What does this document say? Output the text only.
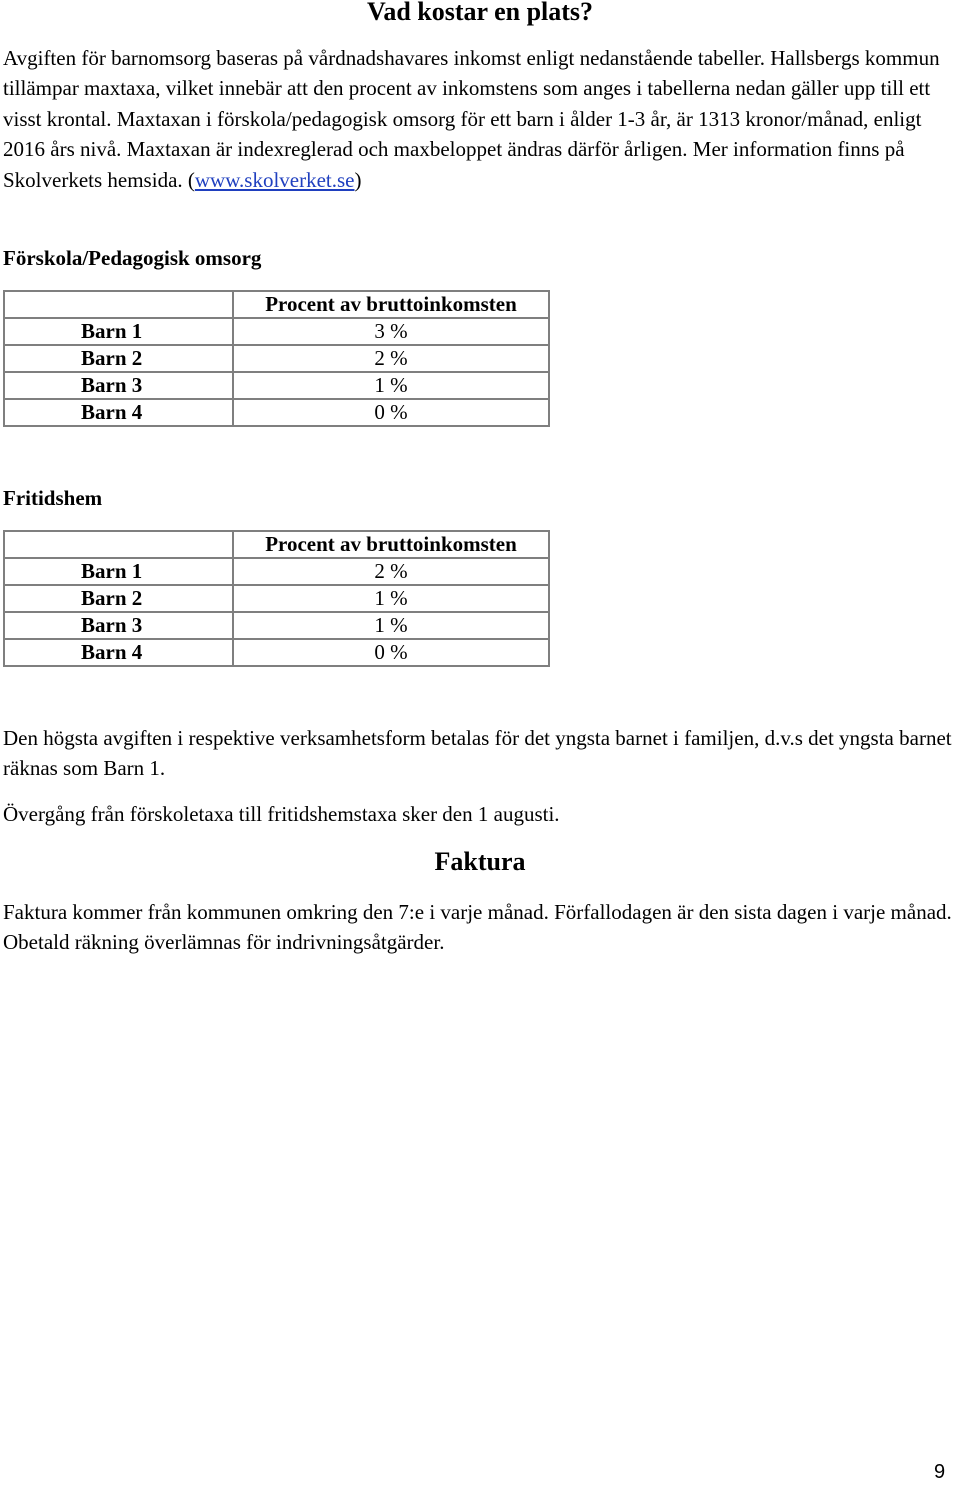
Vad kostar en plats?

Avgiften för barnomsorg baseras på vårdnadshavares inkomst enligt nedanstående tabeller. Hallsbergs kommun tillämpar maxtaxa, vilket innebär att den procent av inkomstens som anges i tabellerna nedan gäller upp till ett visst krontal. Maxtaxan i förskola/pedagogisk omsorg för ett barn i ålder 1-3 år, är 1313 kronor/månad, enligt 2016 års nivå. Maxtaxan är indexreglerad och maxbeloppet ändras därför årligen. Mer information finns på Skolverkets hemsida. (www.skolverket.se)

Förskola/Pedagogisk omsorg
	Procent av bruttoinkomsten
Barn 1	3 %
Barn 2	2 %
Barn 3	1 %
Barn 4	0 %
Fritidshem
	Procent av bruttoinkomsten
Barn 1	2 %
Barn 2	1 %
Barn 3	1 %
Barn 4	0 %

Den högsta avgiften i respektive verksamhetsform betalas för det yngsta barnet i familjen, d.v.s det yngsta barnet räknas som Barn 1.

Övergång från förskoletaxa till fritidshemstaxa sker den 1 augusti.

Faktura

Faktura kommer från kommunen omkring den 7:e i varje månad. Förfallodagen är den sista dagen i varje månad. Obetald räkning överlämnas för indrivningsåtgärder.

9
